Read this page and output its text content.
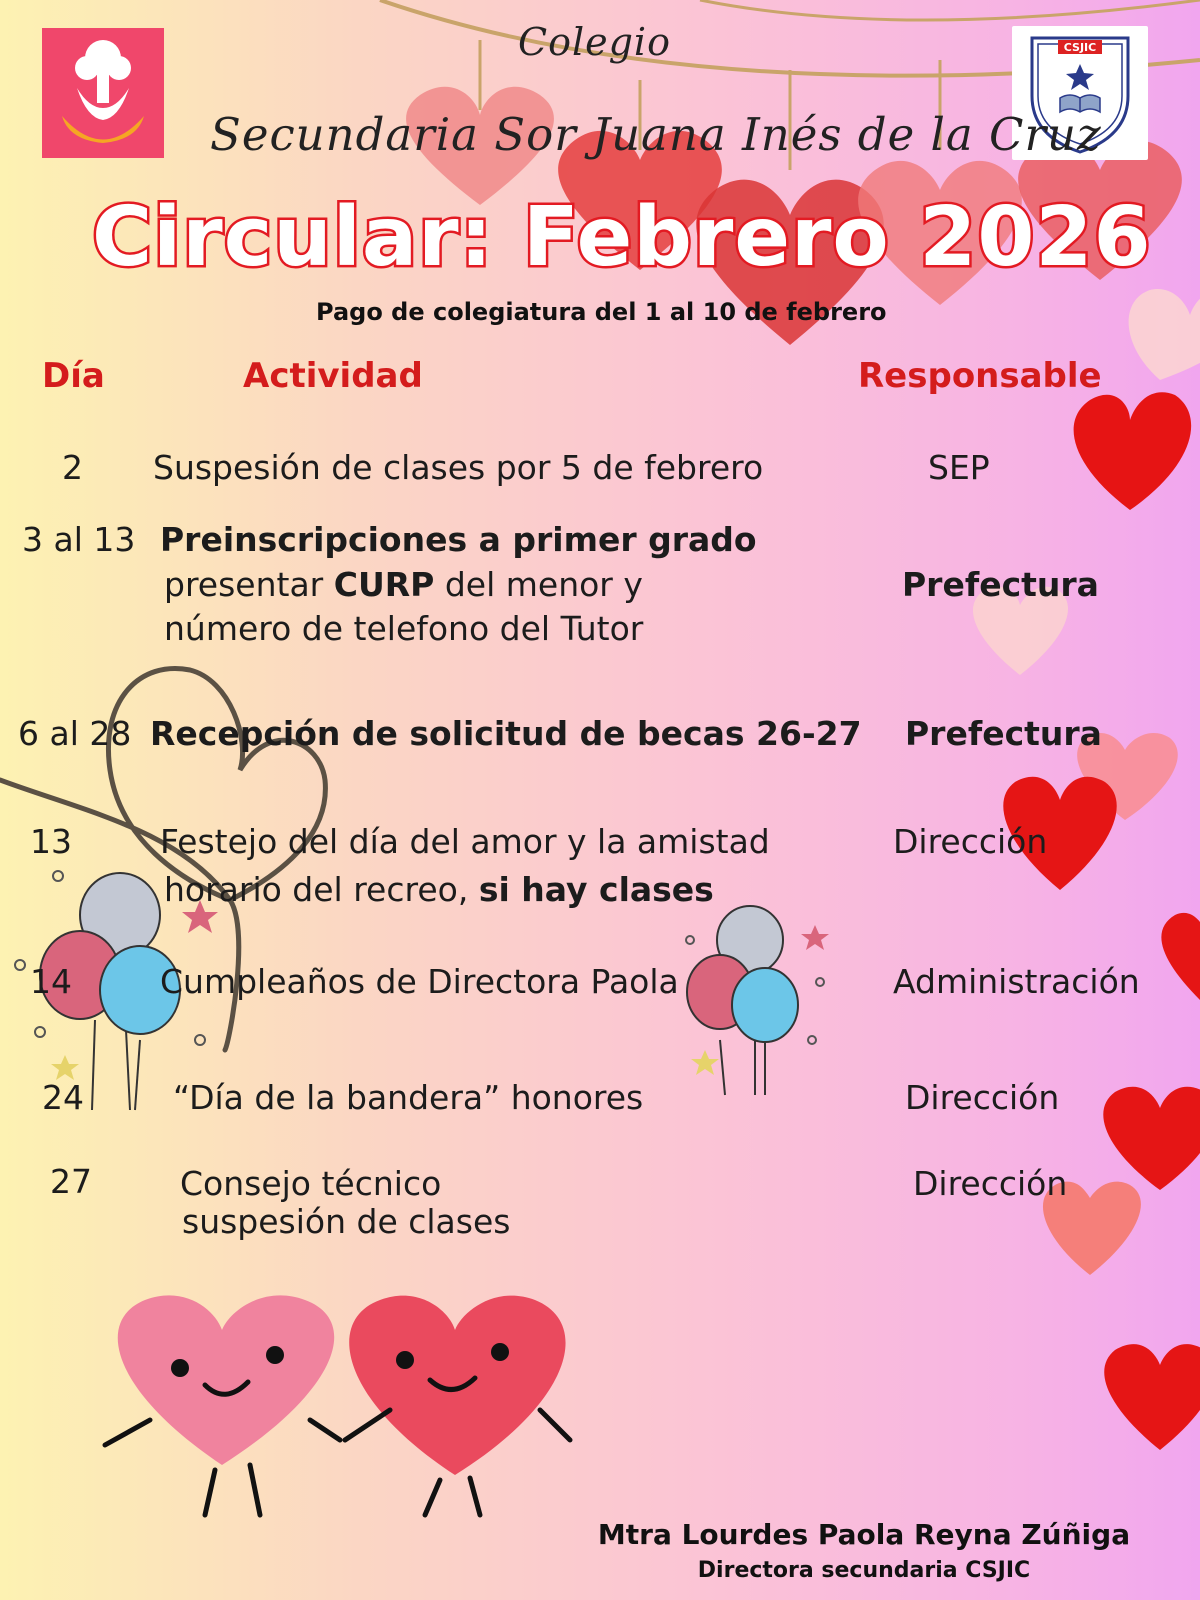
CSJIC
Colegio
Secundaria Sor Juana Inés de la Cruz
Circular: Febrero 2026
Pago de colegiatura del 1 al 10 de febrero
Día	Actividad	Responsable
2 Suspesión de clases por 5 de febrero	SEP
3 al 13 Preinscripciones a primer grado
presentar CURP del menor y
número de telefono del Tutor
Prefectura
6 al 28 Recepción de solicitud de becas 26-27 Prefectura
13	Festejo del día del amor y la amistad
horario del recreo, si hay clases
Dirección
14	Cumpleaños de Directora Paola	Administración
24	“Día de la bandera” honores	Dirección
27	Consejo técnico
suspesión de clases
Dirección
Mtra Lourdes Paola Reyna Zúñiga
Directora secundaria CSJIC
